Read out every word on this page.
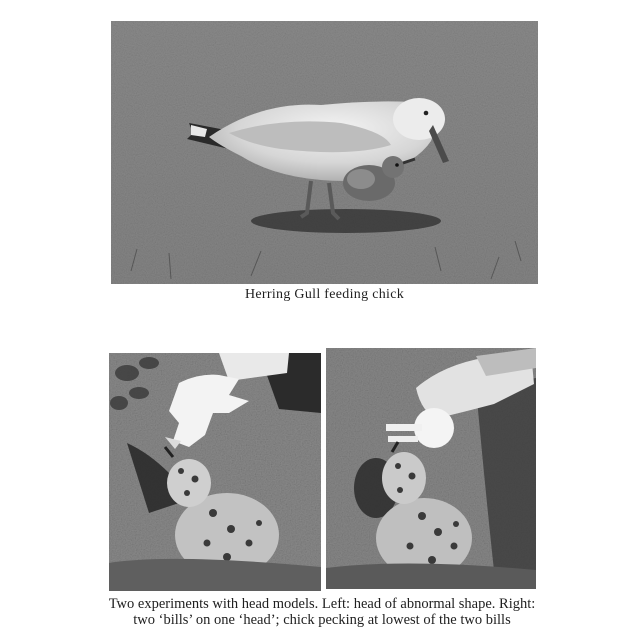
Herring Gull feeding chick
Two experiments with head models. Left: head of abnormal shape. Right:
two ‘bills’ on one ‘head’; chick pecking at lowest of the two bills
